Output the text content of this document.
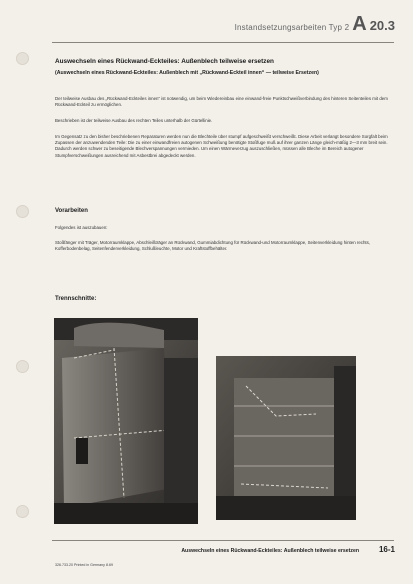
Instandsetzungsarbeiten Typ 2 A 20.3
Auswechseln eines Rückwand-Eckteiles: Außenblech teilweise ersetzen
(Auswechseln eines Rückwand-Eckteiles: Außenblech mit „Rückwand-Eckteil innen“ — teilweise Ersetzen)
Der teilweise Ausbau des „Rückwand-Eckteiles innen“ ist notwendig, um beim Wiedereinbau eine einwand-freie Punktschweißverbindung des hinteren Seitenteiles mit dem Rückwand-Eckteil zu ermöglichen.
Beschrieben ist der teilweise Ausbau des rechten Teiles unterhalb der Gürtellinie.
Im Gegensatz zu den bisher beschriebenen Reparaturen werden nun die Blechteile über stumpf aufgeschweißt verschweißt. Diese Arbeit verlangt besondere Sorgfalt beim Zupassen der anzuwendenden Teile: Die zu einer einwandfreien autogenen Schweißung benötigte Stoßfuge muß auf ihrer ganzen Länge gleich-mäßig 2—3 mm breit sein. Dadurch werden schwer zu beseitigende Blechverspannungen vermieden. Um einen Wärmeverzug auszuschließen, müssen alle Bleche im Bereich autogener Stumpfverschweißungen ausreichend mit Asbestbrei abgedeckt werden.
Vorarbeiten
Folgendes ist auszubauen:
Stoßfänger mit Träger, Motorraumklappe, Abschleißträger an Rückwand, Gummiabdichtung für Rückwand-und Motorraumklappe, Seitenverkleidung hinten rechts, Kofferbodenbelag, Seitenfenderverkleidung, Schlußleuchte, Motor und Kraftstoffbehälter.
Trennschnitte:
Auswechseln eines Rückwand-Eckteiles: Außenblech teilweise ersetzen 16-1
326.733.20 Printed in Germany 8.69
